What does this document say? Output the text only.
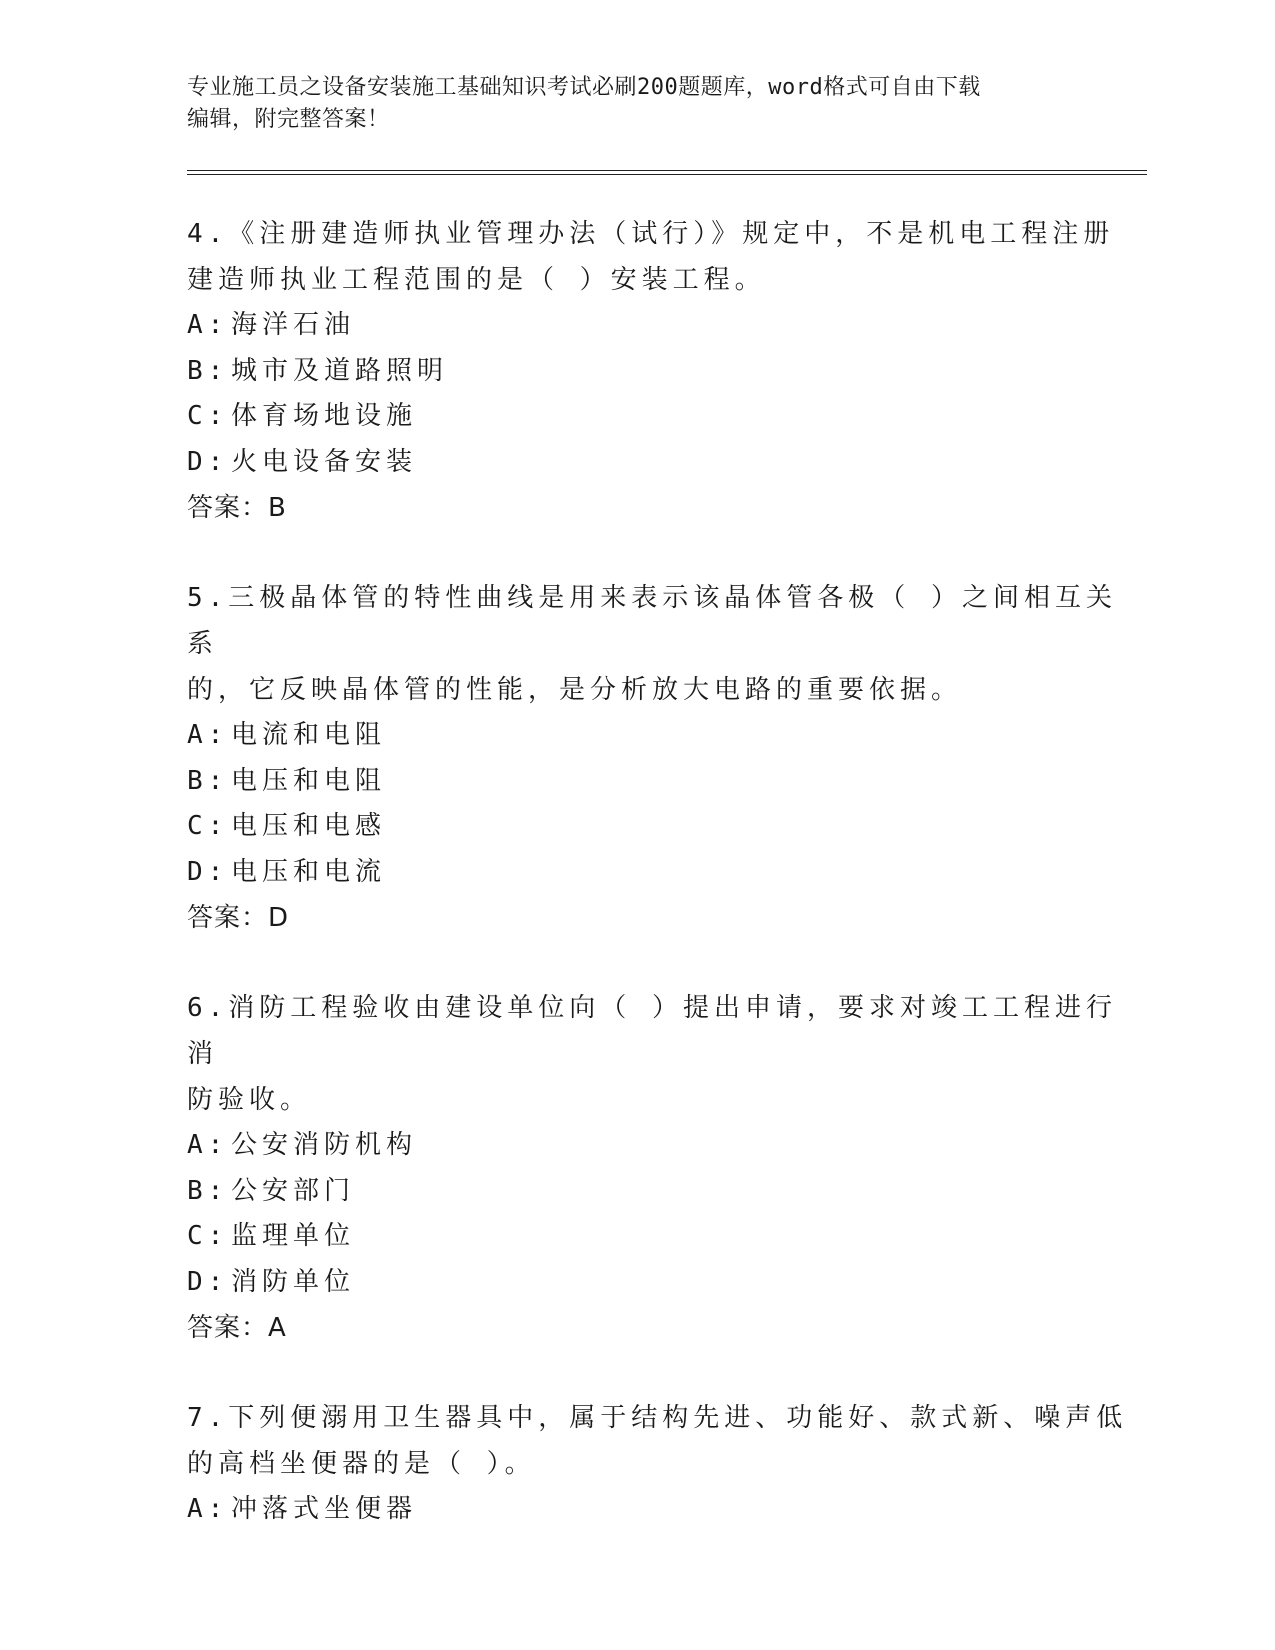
专业施工员之设备安装施工基础知识考试必刷200题题库，word格式可自由下载

编辑，附完整答案！

4.《注册建造师执业管理办法（试行）》规定中，不是机电工程注册

建造师执业工程范围的是（ ）安装工程。

A: 海洋石油

B: 城市及道路照明

C: 体育场地设施

D: 火电设备安装

答案：B

5.三极晶体管的特性曲线是用来表示该晶体管各极（ ）之间相互关系

的，它反映晶体管的性能，是分析放大电路的重要依据。

A: 电流和电阻

B: 电压和电阻

C: 电压和电感

D: 电压和电流

答案：D

6.消防工程验收由建设单位向（ ）提出申请，要求对竣工工程进行消

防验收。

A: 公安消防机构

B: 公安部门

C: 监理单位

D: 消防单位

答案：A

7.下列便溺用卫生器具中，属于结构先进、功能好、款式新、噪声低

的高档坐便器的是（ ）。

A: 冲落式坐便器
